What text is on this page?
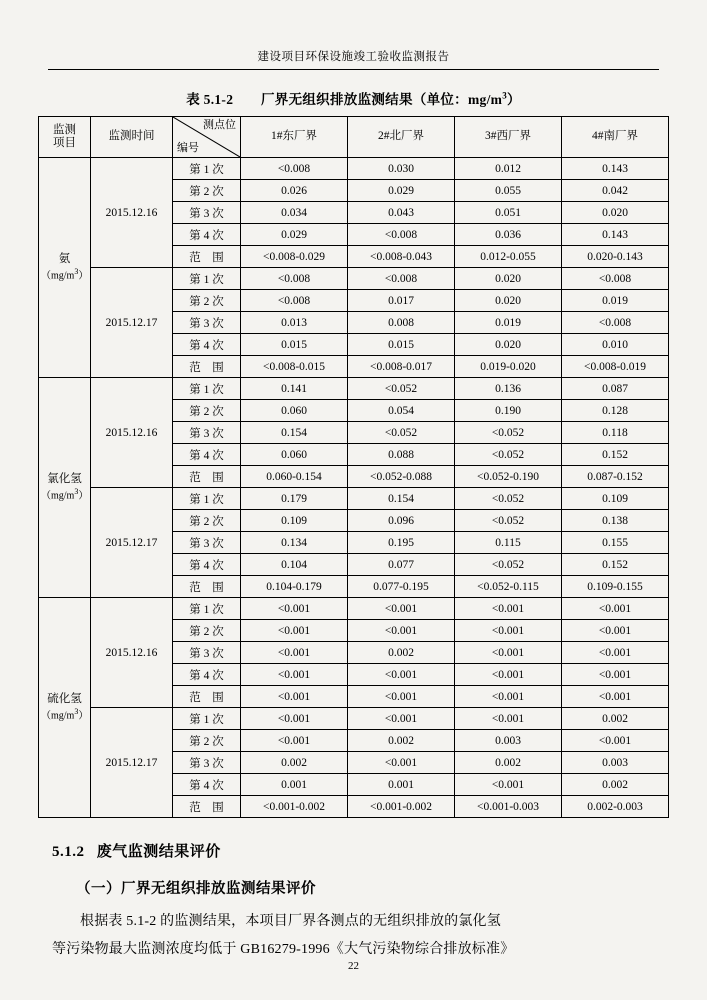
建设项目环保设施竣工验收监测报告
表 5.1-2 厂界无组织排放监测结果（单位：$mg/m^3$）
监测
项目	监测时间	编号
测点位	1#东厂界	2#北厂界	3#西厂界	4#南厂界

氨
$(mg/m^3)$	2015.12.16	第 1 次	<0.008	0.030	0.012	0.143
		第 2 次	0.026	0.029	0.055	0.042
		第 3 次	0.034	0.043	0.051	0.020
		第 4 次	0.029	<0.008	0.036	0.143
		范　围	<0.008-0.029	<0.008-0.043	0.012-0.055	0.020-0.143
	2015.12.17	第 1 次	<0.008	<0.008	0.020	<0.008
		第 2 次	<0.008	0.017	0.020	0.019
		第 3 次	0.013	0.008	0.019	<0.008
		第 4 次	0.015	0.015	0.020	0.010
		范　围	<0.008-0.015	<0.008-0.017	0.019-0.020	<0.008-0.019

氯化氢
$(mg/m^3)$	2015.12.16	第 1 次	0.141	<0.052	0.136	0.087
		第 2 次	0.060	0.054	0.190	0.128
		第 3 次	0.154	<0.052	<0.052	0.118
		第 4 次	0.060	0.088	<0.052	0.152
		范　围	0.060-0.154	<0.052-0.088	<0.052-0.190	0.087-0.152
	2015.12.17	第 1 次	0.179	0.154	<0.052	0.109
		第 2 次	0.109	0.096	<0.052	0.138
		第 3 次	0.134	0.195	0.115	0.155
		第 4 次	0.104	0.077	<0.052	0.152
		范　围	0.104-0.179	0.077-0.195	<0.052-0.115	0.109-0.155

硫化氢
$(mg/m^3)$	2015.12.16	第 1 次	<0.001	<0.001	<0.001	<0.001
		第 2 次	<0.001	<0.001	<0.001	<0.001
		第 3 次	<0.001	0.002	<0.001	<0.001
		第 4 次	<0.001	<0.001	<0.001	<0.001
		范　围	<0.001	<0.001	<0.001	<0.001
	2015.12.17	第 1 次	<0.001	<0.001	<0.001	0.002
		第 2 次	<0.001	0.002	0.003	<0.001
		第 3 次	0.002	<0.001	0.002	0.003
		第 4 次	0.001	0.001	<0.001	0.002
		范　围	<0.001-0.002	<0.001-0.002	<0.001-0.003	0.002-0.003
5.1.2 废气监测结果评价
（一）厂界无组织排放监测结果评价

根据表 5.1-2 的监测结果，本项目厂界各测点的无组织排放的氯化氢

等污染物最大监测浓度均低于 GB16279-1996《大气污染物综合排放标准》

22
